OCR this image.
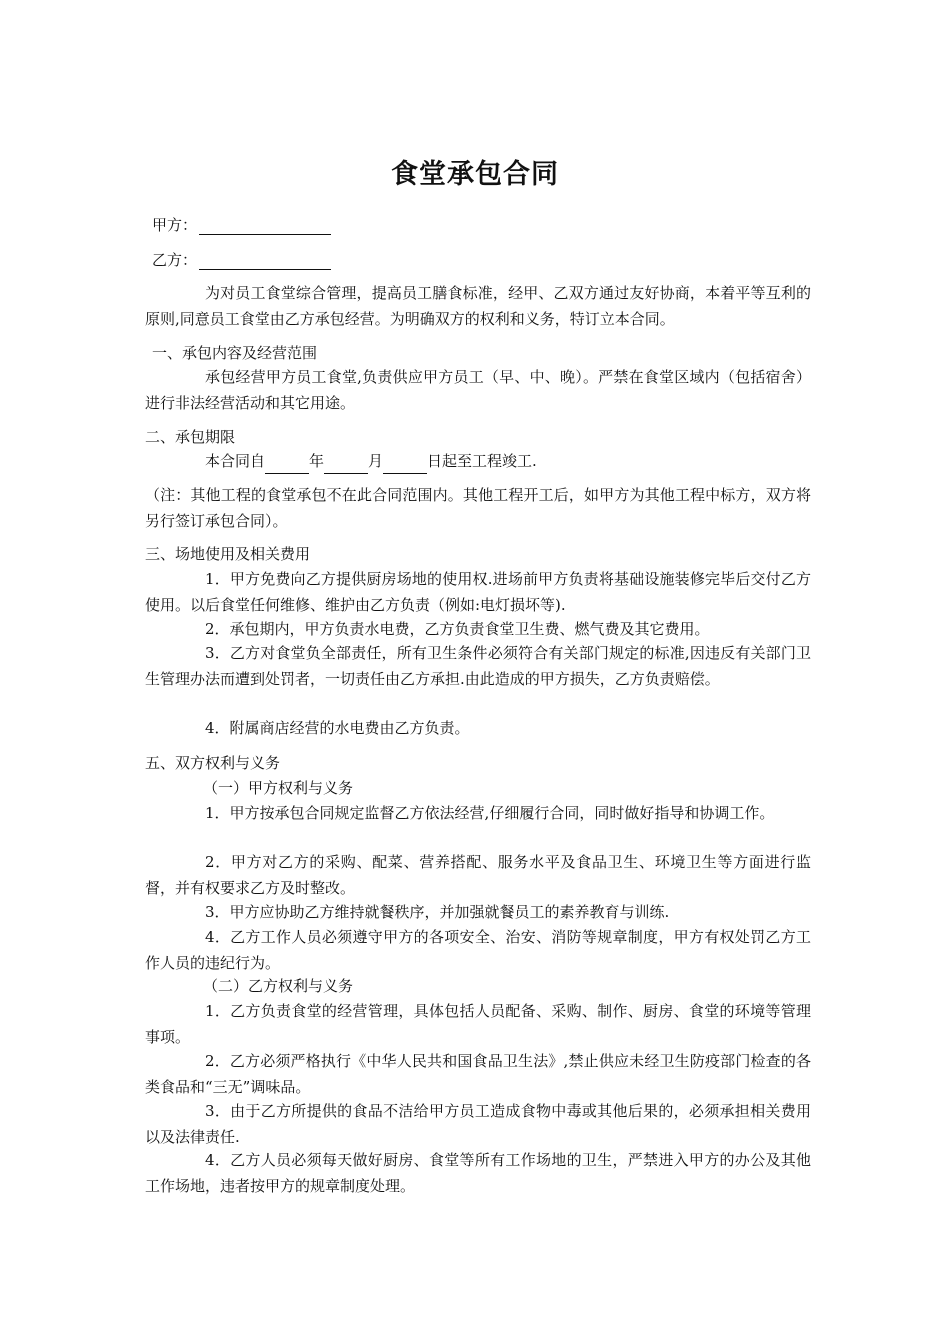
食堂承包合同
甲方：
乙方：

为对员工食堂综合管理，提高员工膳食标准，经甲、乙双方通过友好协商，本着平等互利的原则,同意员工食堂由乙方承包经营。为明确双方的权利和义务，特订立本合同。

一、承包内容及经营范围

承包经营甲方员工食堂,负责供应甲方员工（早、中、晚）。严禁在食堂区域内（包括宿舍）进行非法经营活动和其它用途。

二、承包期限

本合同自	年	月	日起至工程竣工.

（注：其他工程的食堂承包不在此合同范围内。其他工程开工后，如甲方为其他工程中标方，双方将另行签订承包合同）。

三、场地使用及相关费用

1．甲方免费向乙方提供厨房场地的使用权.进场前甲方负责将基础设施装修完毕后交付乙方使用。以后食堂任何维修、维护由乙方负责（例如:电灯损坏等).

2．承包期内，甲方负责水电费，乙方负责食堂卫生费、燃气费及其它费用。

3．乙方对食堂负全部责任，所有卫生条件必须符合有关部门规定的标准,因违反有关部门卫生管理办法而遭到处罚者，一切责任由乙方承担.由此造成的甲方损失，乙方负责赔偿。

4．附属商店经营的水电费由乙方负责。

五、双方权利与义务

（一）甲方权利与义务

1．甲方按承包合同规定监督乙方依法经营,仔细履行合同，同时做好指导和协调工作。

2．甲方对乙方的采购、配菜、营养搭配、服务水平及食品卫生、环境卫生等方面进行监督，并有权要求乙方及时整改。

3．甲方应协助乙方维持就餐秩序，并加强就餐员工的素养教育与训练.

4．乙方工作人员必须遵守甲方的各项安全、治安、消防等规章制度，甲方有权处罚乙方工作人员的违纪行为。

（二）乙方权利与义务

1．乙方负责食堂的经营管理，具体包括人员配备、采购、制作、厨房、食堂的环境等管理事项。

2．乙方必须严格执行《中华人民共和国食品卫生法》,禁止供应未经卫生防疫部门检查的各类食品和“三无”调味品。

3．由于乙方所提供的食品不洁给甲方员工造成食物中毒或其他后果的，必须承担相关费用以及法律责任.

4．乙方人员必须每天做好厨房、食堂等所有工作场地的卫生，严禁进入甲方的办公及其他工作场地，违者按甲方的规章制度处理。
